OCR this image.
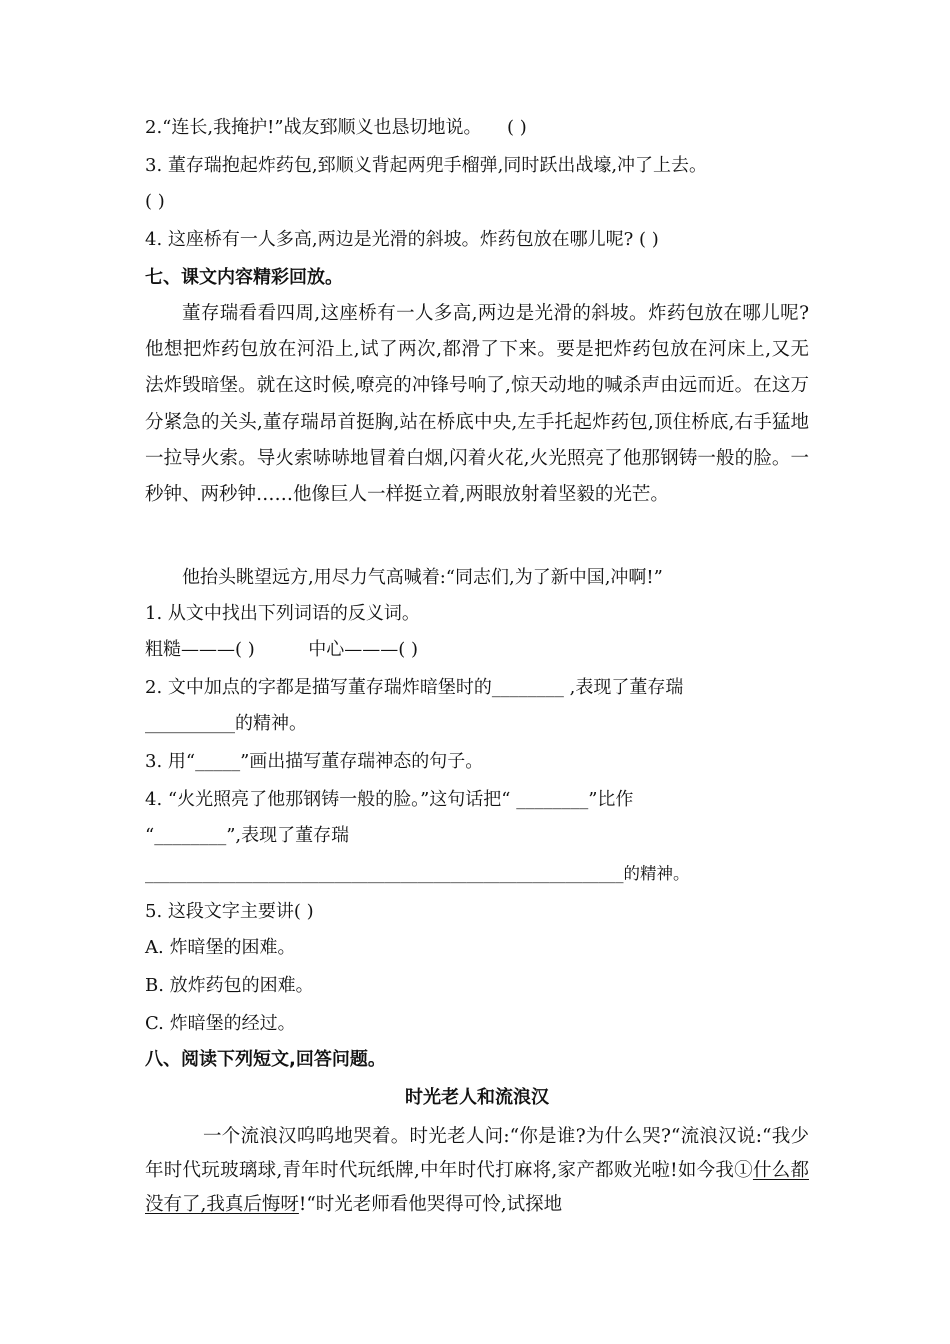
2.“连长,我掩护!”战友郅顺义也恳切地说。 ( )
3. 董存瑞抱起炸药包,郅顺义背起两兜手榴弹,同时跃出战壕,冲了上去。
( )
4. 这座桥有一人多高,两边是光滑的斜坡。炸药包放在哪儿呢? ( )
七、课文内容精彩回放。
董存瑞看看四周,这座桥有一人多高,两边是光滑的斜坡。炸药包放在哪儿呢?他想把炸药包放在河沿上,试了两次,都滑了下来。要是把炸药包放在河床上,又无法炸毁暗堡。就在这时候,嘹亮的冲锋号响了,惊天动地的喊杀声由远而近。在这万分紧急的关头,董存瑞昂首挺胸,站在桥底中央,左手托起炸药包,顶住桥底,右手猛地一拉导火索。导火索哧哧地冒着白烟,闪着火花,火光照亮了他那钢铸一般的脸。一秒钟、两秒钟……他像巨人一样挺立着,两眼放射着坚毅的光芒。
他抬头眺望远方,用尽力气高喊着:“同志们,为了新中国,冲啊!”
1. 从文中找出下列词语的反义词。
粗糙———( )	中心———( )
2. 文中加点的字都是描写董存瑞炸暗堡时的________ ,表现了董存瑞
__________的精神。
3. 用“_____”画出描写董存瑞神态的句子。
4. “火光照亮了他那钢铸一般的脸。”这句话把“ ________”比作
“________”,表现了董存瑞
__________________________________________________________的精神。
5. 这段文字主要讲( )
A. 炸暗堡的困难。
B. 放炸药包的困难。
C. 炸暗堡的经过。
八、阅读下列短文,回答问题。
时光老人和流浪汉
一个流浪汉呜呜地哭着。时光老人问:“你是谁?为什么哭?“流浪汉说:“我少年时代玩玻璃球,青年时代玩纸牌,中年时代打麻将,家产都败光啦!如今我①什么都没有了,我真后悔呀!“时光老师看他哭得可怜,试探地
